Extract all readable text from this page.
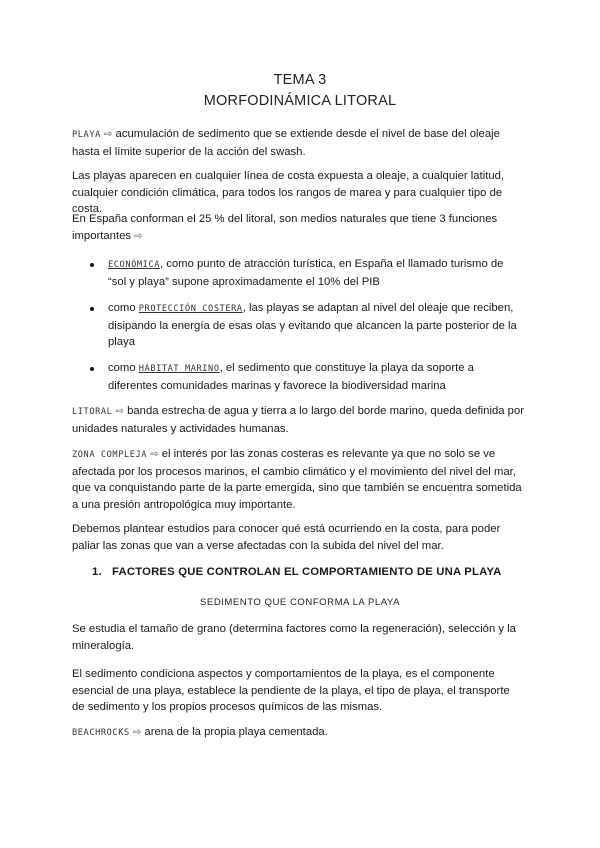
TEMA 3
MORFODINÁMICA LITORAL

PLAYA ⇨ acumulación de sedimento que se extiende desde el nivel de base del oleaje hasta el límite superior de la acción del swash.

Las playas aparecen en cualquier línea de costa expuesta a oleaje, a cualquier latitud, cualquier condición climática, para todos los rangos de marea y para cualquier tipo de costa.

En España conforman el 25 % del litoral, son medios naturales que tiene 3 funciones importantes ⇨

ECONÓMICA, como punto de atracción turística, en España el llamado turismo de “sol y playa” supone aproximadamente el 10% del PIB
como PROTECCIÓN COSTERA, las playas se adaptan al nivel del oleaje que reciben, disipando la energía de esas olas y evitando que alcancen la parte posterior de la playa
como HÁBITAT MARINO, el sedimento que constituye la playa da soporte a diferentes comunidades marinas y favorece la biodiversidad marina

LITORAL ⇨ banda estrecha de agua y tierra a lo largo del borde marino, queda definida por unidades naturales y actividades humanas.

ZONA COMPLEJA ⇨ el interés por las zonas costeras es relevante ya que no solo se ve afectada por los procesos marinos, el cambio climático y el movimiento del nivel del mar, que va conquistando parte de la parte emergida, sino que también se encuentra sometida a una presión antropológica muy importante.

Debemos plantear estudios para conocer qué está ocurriendo en la costa, para poder paliar las zonas que van a verse afectadas con la subida del nivel del mar.

1. FACTORES QUE CONTROLAN EL COMPORTAMIENTO DE UNA PLAYA
SEDIMENTO QUE CONFORMA LA PLAYA

Se estudia el tamaño de grano (determina factores como la regeneración), selección y la mineralogía.

El sedimento condiciona aspectos y comportamientos de la playa, es el componente esencial de una playa, establece la pendiente de la playa, el tipo de playa, el transporte de sedimento y los propios procesos químicos de las mismas.

BEACHROCKS ⇨ arena de la propia playa cementada.
